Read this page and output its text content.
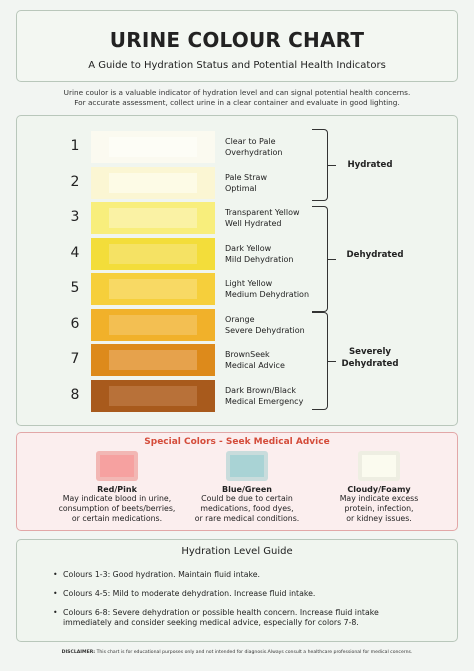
URINE COLOUR CHART
A Guide to Hydration Status and Potential Health Indicators
Urine coulor is a valuable indicator of hydration level and can signal potential health concerns.
For accurate assessment, collect urine in a clear container and evaluate in good lighting.
1	Clear to Pale
Overhydration
2	Pale Straw
Optimal
3	Transparent Yellow
Well Hydrated
4	Dark Yellow
Mild Dehydration
5	Light Yellow
Medium Dehydration
6	Orange
Severe Dehydration
7	BrownSeek
Medical Advice
8	Dark Brown/Black
Medical Emergency
Hydrated
Dehydrated
Severely
Dehydrated
Special Colors - Seek Medical Advice
Red/Pink
May indicate blood in urine,
consumption of beets/berries,
or certain medications.
Blue/Green
Could be due to certain
medications, food dyes,
or rare medical conditions.
Cloudy/Foamy
May indicate excess
protein, infection,
or kidney issues.
Hydration Level Guide
• Colours 1-3: Good hydration. Maintain fluid intake.
• Colours 4-5: Mild to moderate dehydration. Increase fluid intake.
• Colours 6-8: Severe dehydration or possible health concern. Increase fluid intake
immediately and consider seeking medical advice, especially for colors 7-8.
DISCLAIMER: This chart is for educational purposes only and not intended for diagnosis.Always consult a healthcare professional for medical concerns.
